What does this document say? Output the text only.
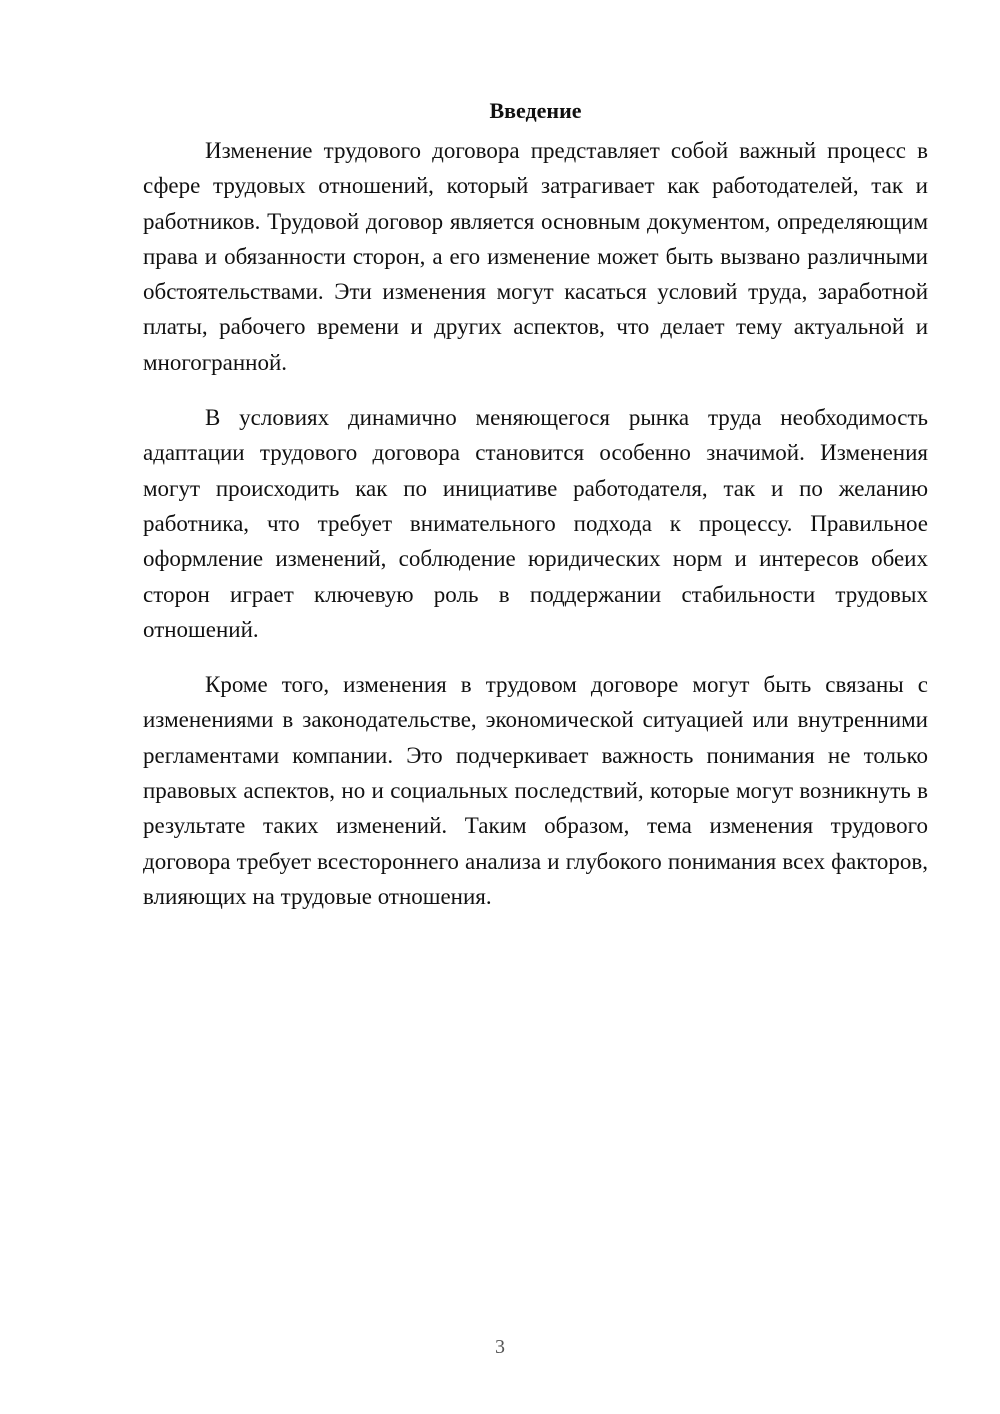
Введение

Изменение трудового договора представляет собой важный процесс в сфере трудовых отношений, который затрагивает как работодателей, так и работников. Трудовой договор является основным документом, определяющим права и обязанности сторон, а его изменение может быть вызвано различными обстоятельствами. Эти изменения могут касаться условий труда, заработной платы, рабочего времени и других аспектов, что делает тему актуальной и многогранной.

В условиях динамично меняющегося рынка труда необходимость адаптации трудового договора становится особенно значимой. Изменения могут происходить как по инициативе работодателя, так и по желанию работника, что требует внимательного подхода к процессу. Правильное оформление изменений, соблюдение юридических норм и интересов обеих сторон играет ключевую роль в поддержании стабильности трудовых отношений.

Кроме того, изменения в трудовом договоре могут быть связаны с изменениями в законодательстве, экономической ситуацией или внутренними регламентами компании. Это подчеркивает важность понимания не только правовых аспектов, но и социальных последствий, которые могут возникнуть в результате таких изменений. Таким образом, тема изменения трудового договора требует всестороннего анализа и глубокого понимания всех факторов, влияющих на трудовые отношения.

3
